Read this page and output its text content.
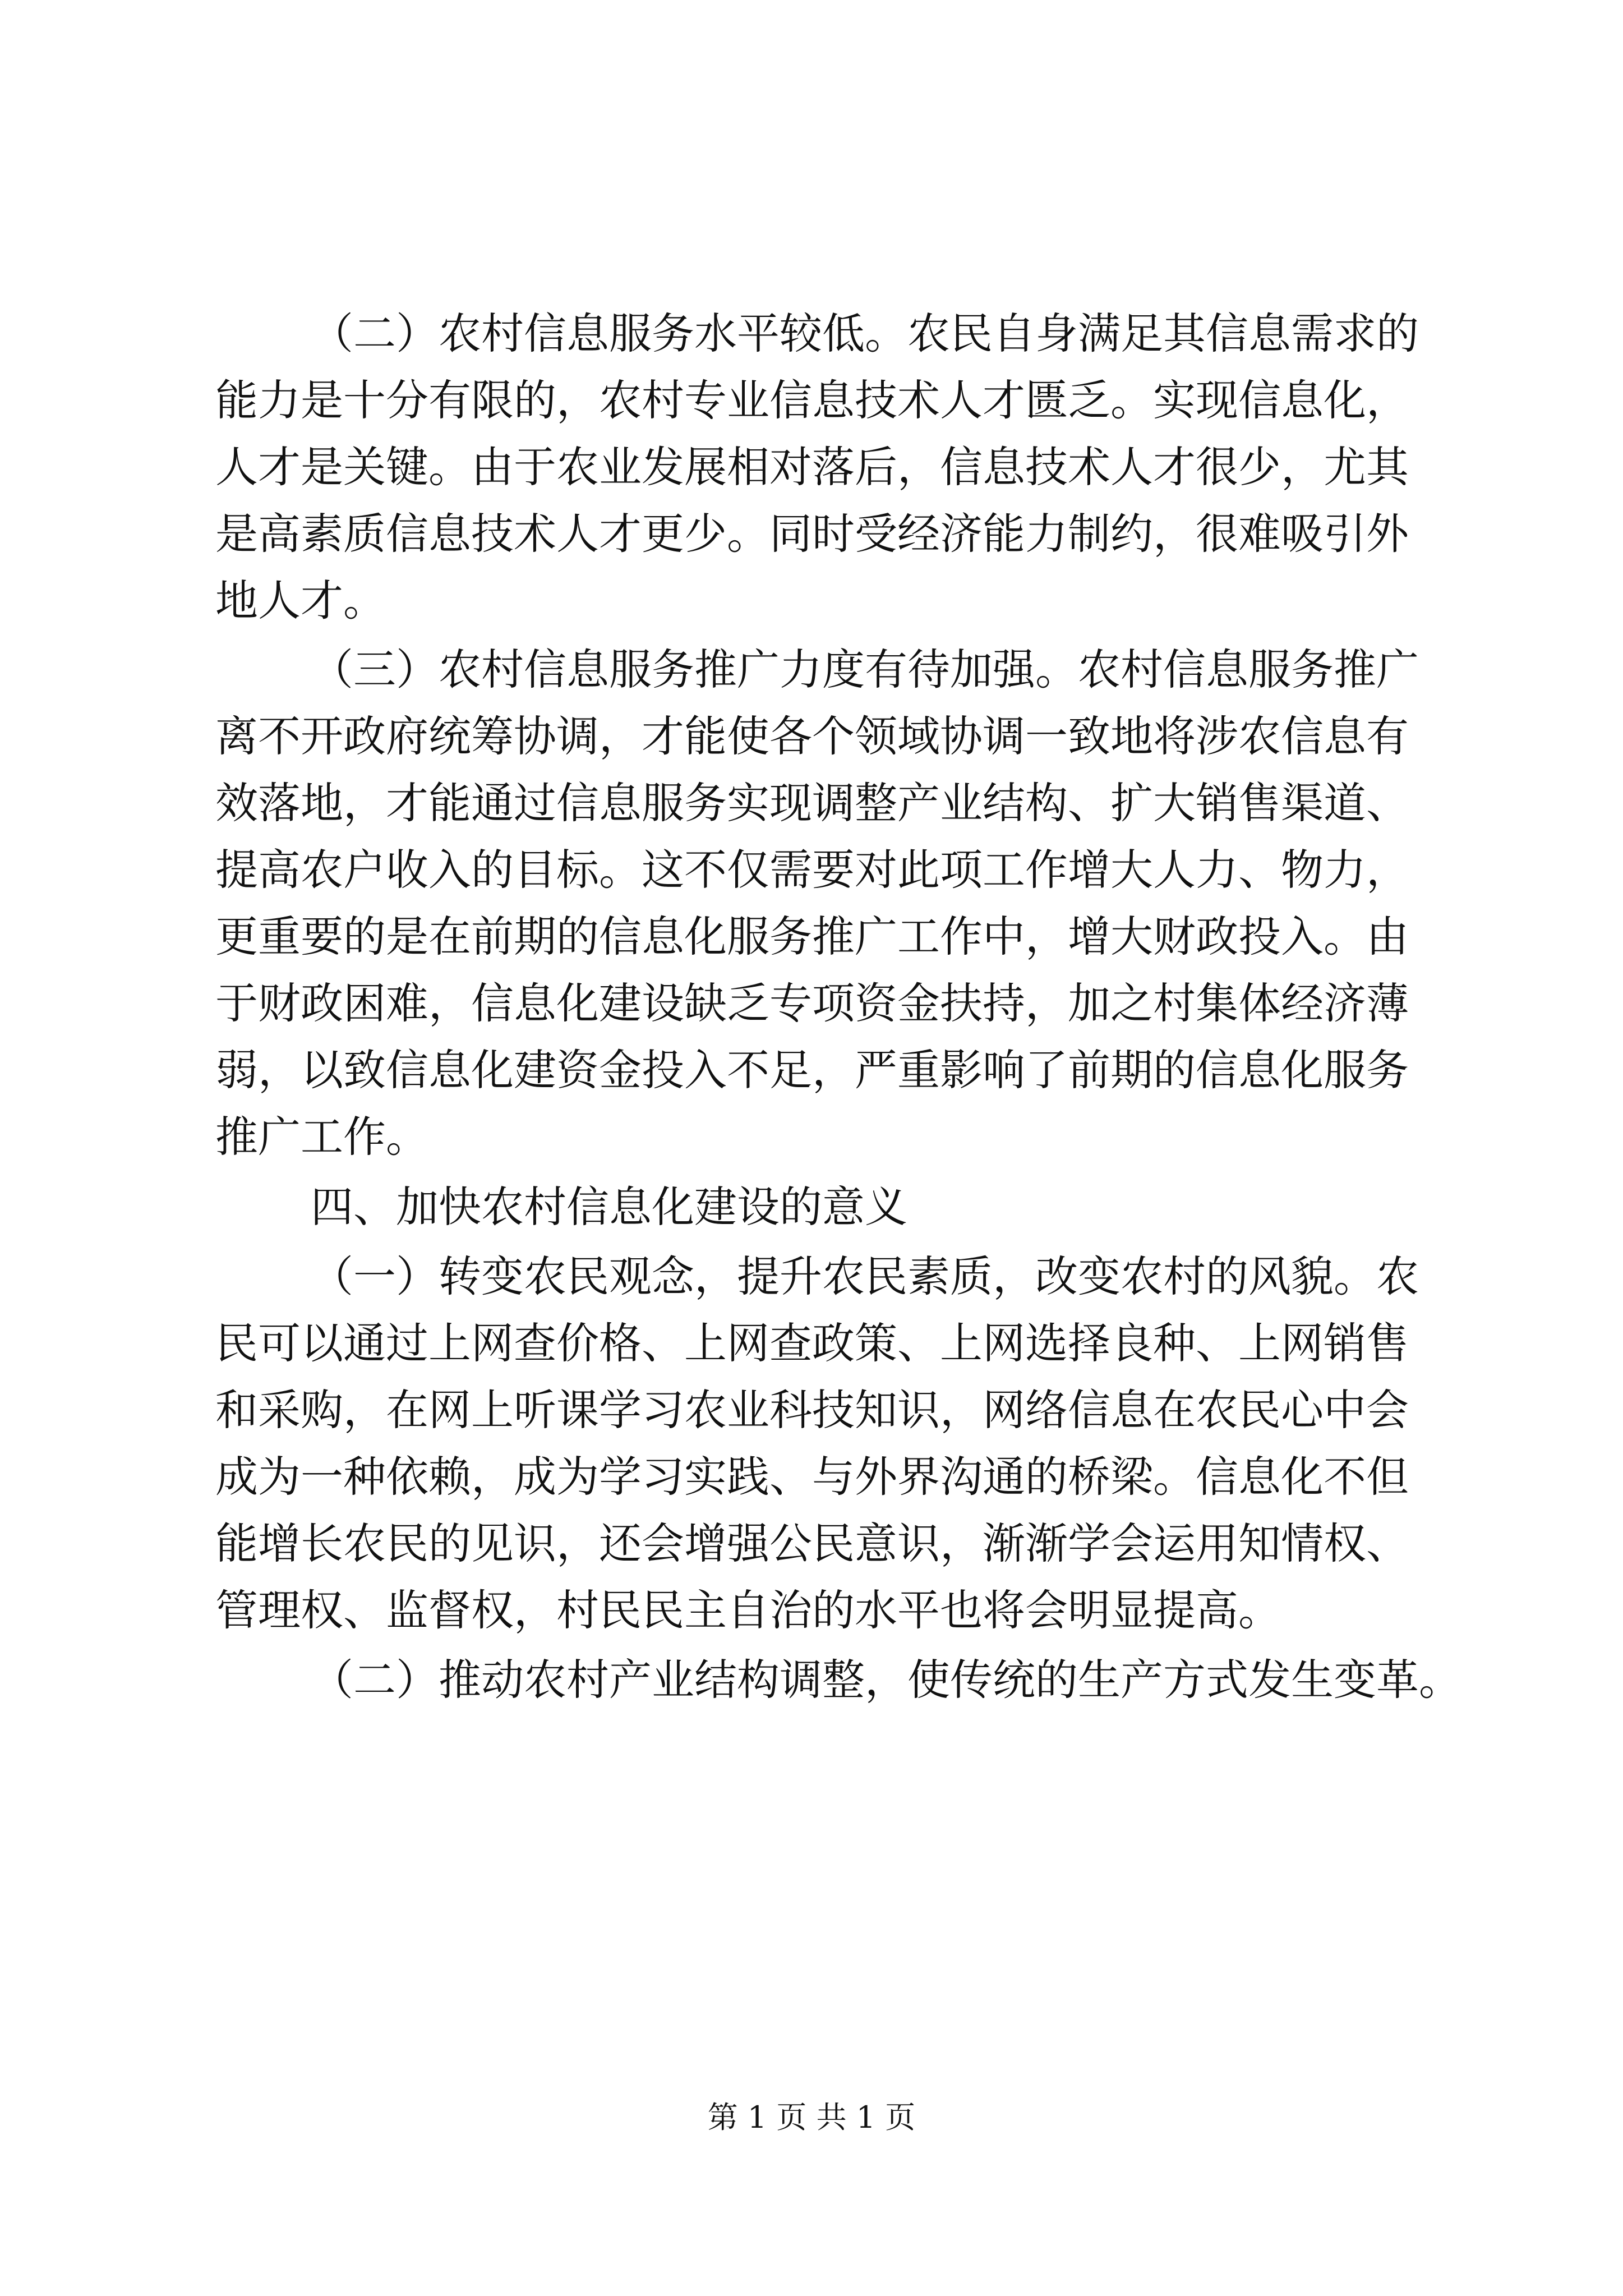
（二）农村信息服务水平较低。农民自身满足其信息需求的
能力是十分有限的，农村专业信息技术人才匮乏。实现信息化，
人才是关键。由于农业发展相对落后，信息技术人才很少，尤其
是高素质信息技术人才更少。同时受经济能力制约，很难吸引外
地人才。
（三）农村信息服务推广力度有待加强。农村信息服务推广
离不开政府统筹协调，才能使各个领域协调一致地将涉农信息有
效落地，才能通过信息服务实现调整产业结构、扩大销售渠道、
提高农户收入的目标。这不仅需要对此项工作增大人力、物力，
更重要的是在前期的信息化服务推广工作中，增大财政投入。由
于财政困难，信息化建设缺乏专项资金扶持，加之村集体经济薄
弱，以致信息化建资金投入不足，严重影响了前期的信息化服务
推广工作。
四、加快农村信息化建设的意义
（一）转变农民观念，提升农民素质，改变农村的风貌。农
民可以通过上网查价格、上网查政策、上网选择良种、上网销售
和采购，在网上听课学习农业科技知识，网络信息在农民心中会
成为一种依赖，成为学习实践、与外界沟通的桥梁。信息化不但
能增长农民的见识，还会增强公民意识，渐渐学会运用知情权、
管理权、监督权，村民民主自治的水平也将会明显提高。
（二）推动农村产业结构调整，使传统的生产方式发生变革。
第 1 页 共 1 页
